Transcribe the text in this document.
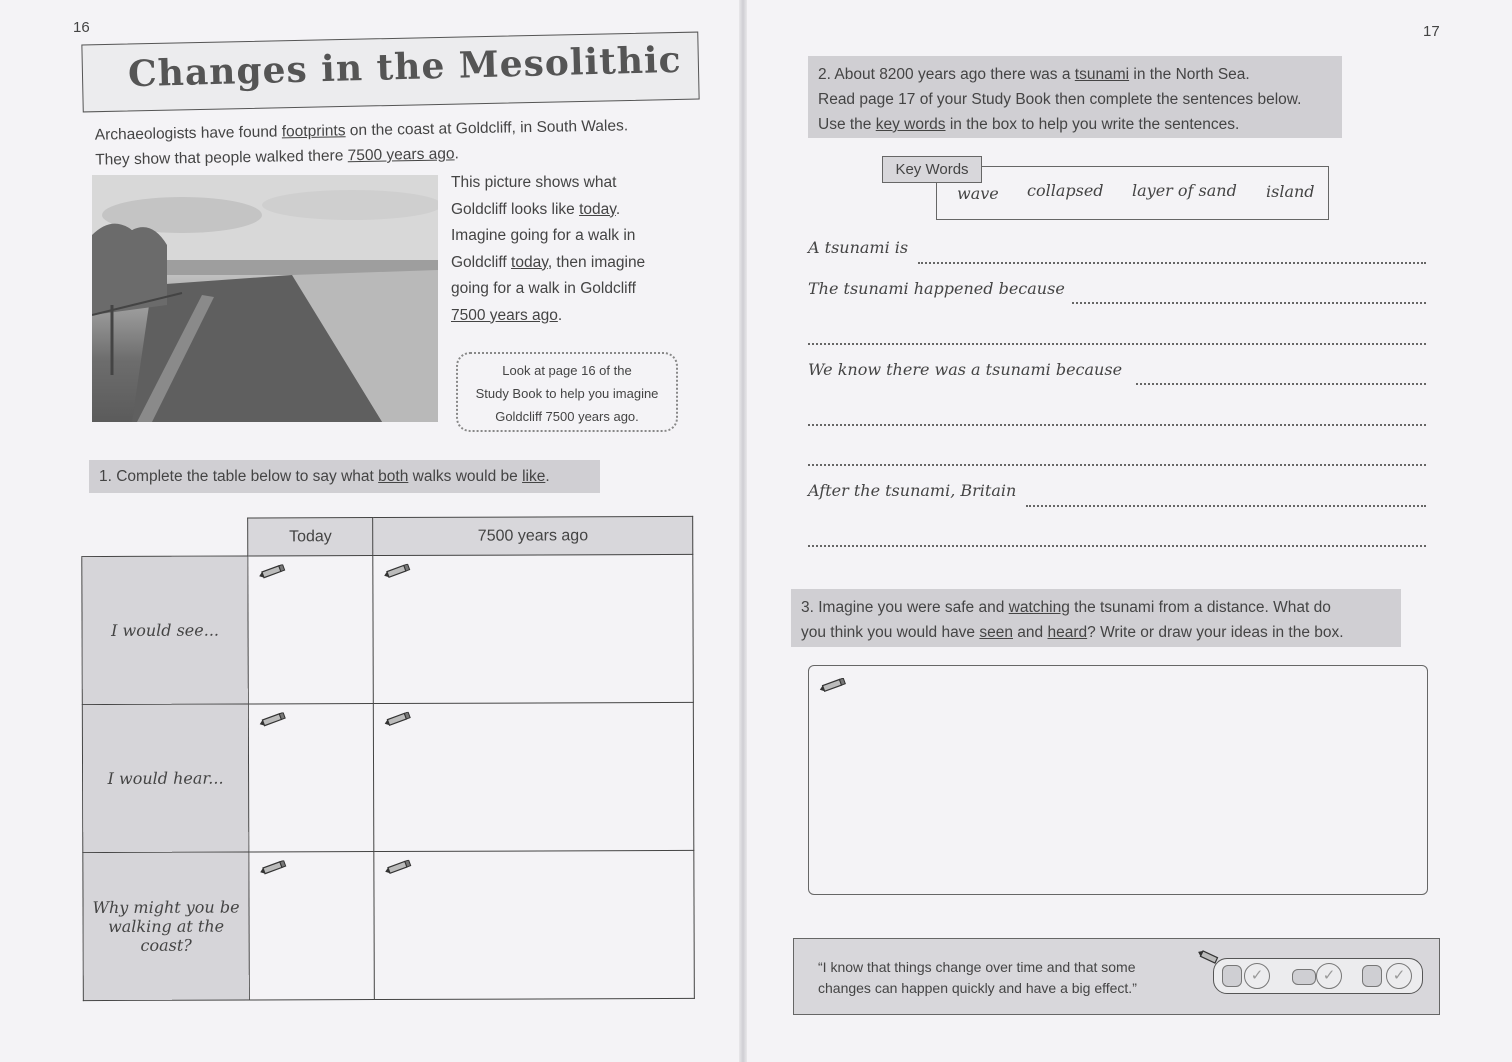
16
Changes in the Mesolithic
Archaeologists have found footprints on the coast at Goldcliff, in South Wales.
They show that people walked there 7500 years ago.
This picture shows what
Goldcliff looks like today.
Imagine going for a walk in
Goldcliff today, then imagine
going for a walk in Goldcliff
7500 years ago.
Look at page 16 of the
Study Book to help you imagine
Goldcliff 7500 years ago.
1. Complete the table below to say what both walks would be like.
	Today	7500 years ago
I would see...	

I would hear...	

Why might you be walking at the coast?	

17
2. About 8200 years ago there was a tsunami in the North Sea.
Read page 17 of your Study Book then complete the sentences below.
Use the key words in the box to help you write the sentences.
Key Words
wave collapsed layer of sand island
A tsunami is
The tsunami happened because
We know there was a tsunami because
After the tsunami, Britain
3. Imagine you were safe and watching the tsunami from a distance. What do
you think you would have seen and heard? Write or draw your ideas in the box.
“I know that things change over time and that some
changes can happen quickly and have a big effect.”
✓	✓	✓
